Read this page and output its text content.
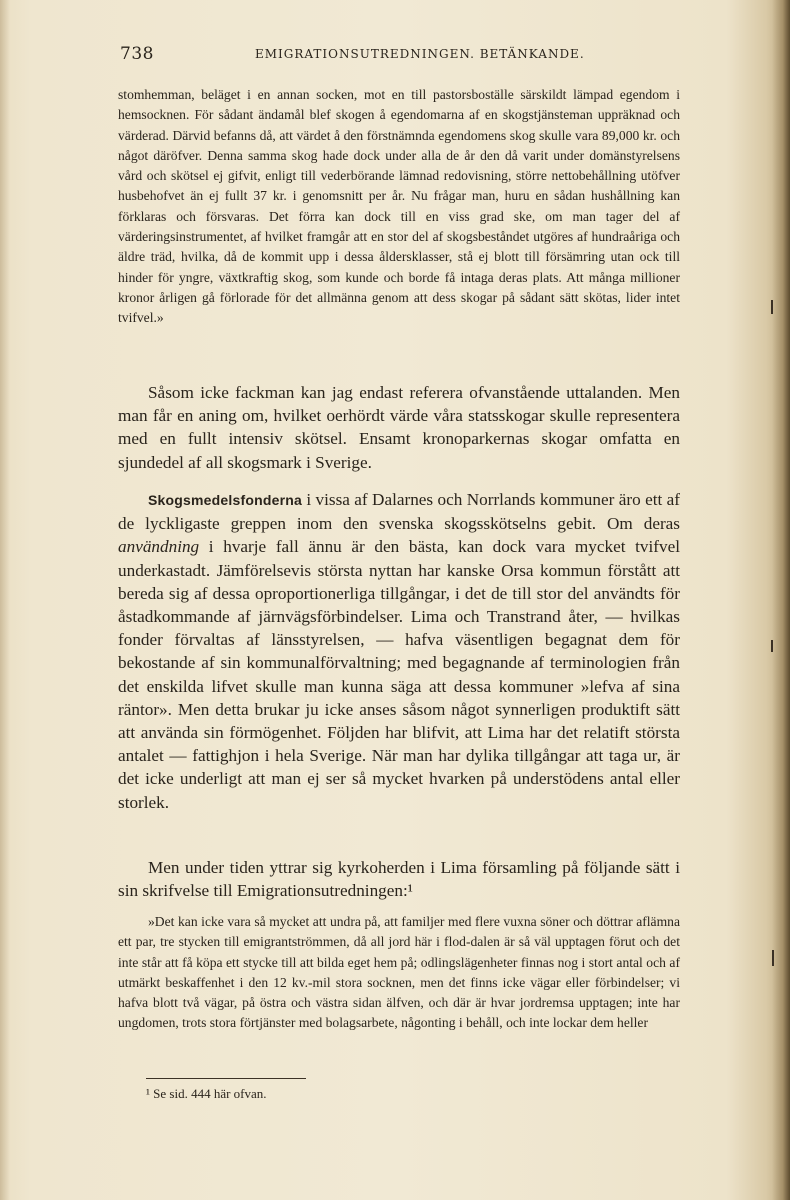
738	EMIGRATIONSUTREDNINGEN. BETÄNKANDE.

stomhemman, beläget i en annan socken, mot en till pastorsboställe särskildt lämpad egendom i hemsocknen. För sådant ändamål blef skogen å egendomarna af en skogstjänsteman uppräknad och värderad. Därvid befanns då, att värdet å den förstnämnda egendomens skog skulle vara 89,000 kr. och något däröfver. Denna samma skog hade dock under alla de år den då varit under domänstyrelsens vård och skötsel ej gifvit, enligt till vederbörande lämnad redovisning, större nettobehållning utöfver husbehofvet än ej fullt 37 kr. i genomsnitt per år. Nu frågar man, huru en sådan hushållning kan förklaras och försvaras. Det förra kan dock till en viss grad ske, om man tager del af värderingsinstrumentet, af hvilket framgår att en stor del af skogsbeståndet utgöres af hundraåriga och äldre träd, hvilka, då de kommit upp i dessa åldersklasser, stå ej blott till försämring utan ock till hinder för yngre, växtkraftig skog, som kunde och borde få intaga deras plats. Att många millioner kronor årligen gå förlorade för det allmänna genom att dess skogar på sådant sätt skötas, lider intet tvifvel.»

Såsom icke fackman kan jag endast referera ofvanstående uttalanden. Men man får en aning om, hvilket oerhördt värde våra statsskogar skulle representera med en fullt intensiv skötsel. Ensamt kronoparkernas skogar omfatta en sjundedel af all skogsmark i Sverige.

Skogsmedelsfonderna i vissa af Dalarnes och Norrlands kommuner äro ett af de lyckligaste greppen inom den svenska skogsskötselns gebit. Om deras användning i hvarje fall ännu är den bästa, kan dock vara mycket tvifvel underkastadt. Jämförelsevis största nyttan har kanske Orsa kommun förstått att bereda sig af dessa oproportionerliga tillgångar, i det de till stor del användts för åstadkommande af järnvägsförbindelser. Lima och Transtrand åter, — hvilkas fonder förvaltas af länsstyrelsen, — hafva väsentligen begagnat dem för bekostande af sin kommunalförvaltning; med begagnande af terminologien från det enskilda lifvet skulle man kunna säga att dessa kommuner »lefva af sina räntor». Men detta brukar ju icke anses såsom något synnerligen produktift sätt att använda sin förmögenhet. Följden har blifvit, att Lima har det relatift största antalet — fattighjon i hela Sverige. När man har dylika tillgångar att taga ur, är det icke underligt att man ej ser så mycket hvarken på understödens antal eller storlek.

Men under tiden yttrar sig kyrkoherden i Lima församling på följande sätt i sin skrifvelse till Emigrationsutredningen:¹

»Det kan icke vara så mycket att undra på, att familjer med flere vuxna söner och döttrar aflämna ett par, tre stycken till emigrantströmmen, då all jord här i flod-dalen är så väl upptagen förut och det inte står att få köpa ett stycke till att bilda eget hem på; odlingslägenheter finnas nog i stort antal och af utmärkt beskaffenhet i den 12 kv.-mil stora socknen, men det finns icke vägar eller förbindelser; vi hafva blott två vägar, på östra och västra sidan älfven, och där är hvar jordremsa upptagen; inte har ungdomen, trots stora förtjänster med bolagsarbete, någonting i behåll, och inte lockar dem heller

¹ Se sid. 444 här ofvan.
